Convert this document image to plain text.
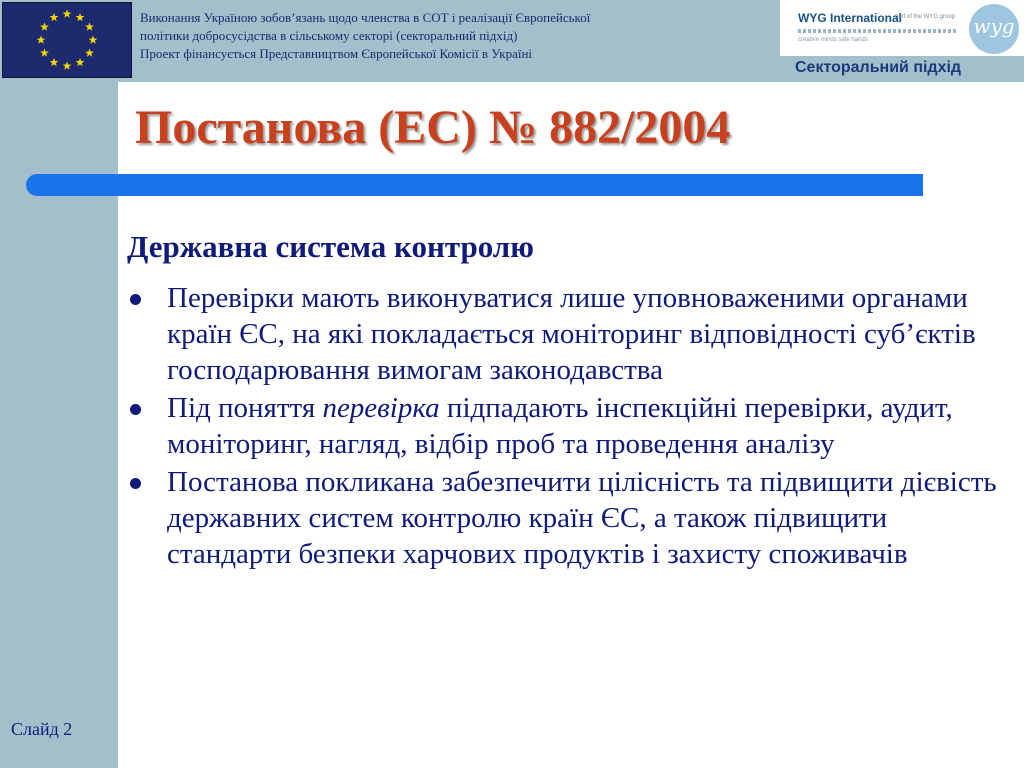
Виконання Україною зобов’язань щодо членства в СОТ і реалізації Європейської
політики добросусідства в сільському секторі (секторальний підхід)
Проект фінансується Представництвом Європейської Комісії в Україні
WYG International
part of the WYG group
creative minds safe hands
wyg
Секторальний підхід
Постанова (ЕС) № 882/2004
Державна система контролю
Перевірки мають виконуватися лише уповноваженими органами країн ЄС, на які покладається моніторинг відповідності суб’єктів господарювання вимогам законодавства
Під поняття перевірка підпадають інспекційні перевірки, аудит, моніторинг, нагляд, відбір проб та проведення аналізу
Постанова покликана забезпечити цілісність та підвищити дієвість державних систем контролю країн ЄС, а також підвищити стандарти безпеки харчових продуктів і захисту споживачів
Слайд 2
